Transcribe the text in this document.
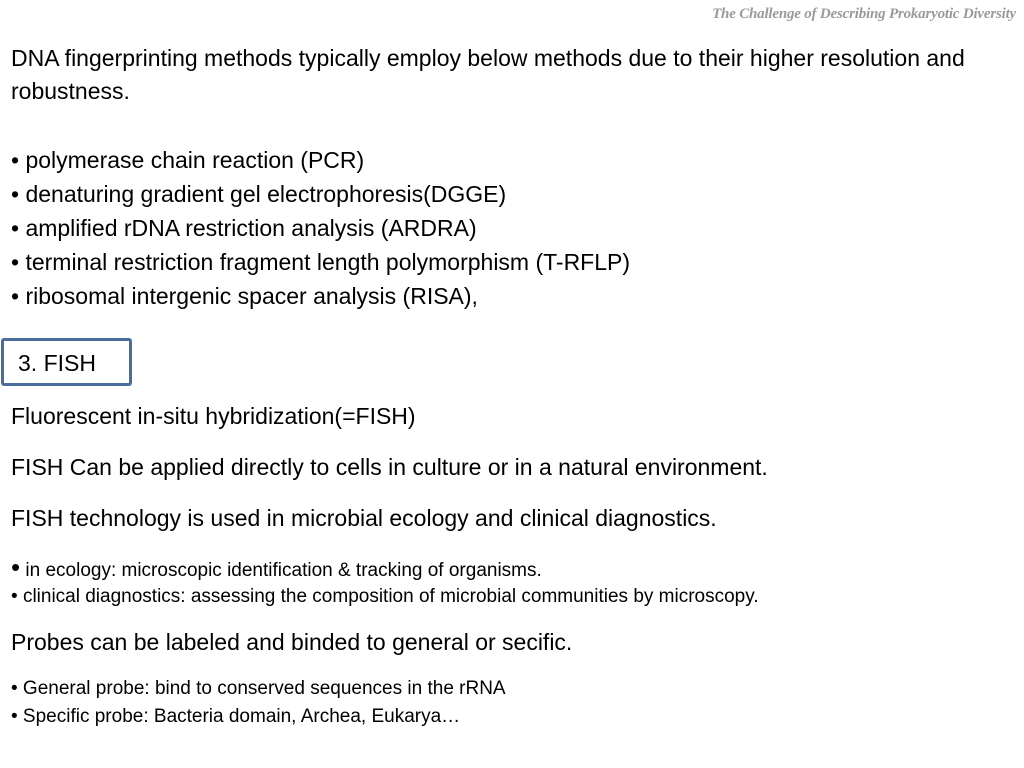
The Challenge of Describing Prokaryotic Diversity

DNA fingerprinting methods typically employ below methods due to their higher resolution and robustness.

• polymerase chain reaction (PCR)
• denaturing gradient gel electrophoresis(DGGE)
• amplified rDNA restriction analysis (ARDRA)
• terminal restriction fragment length polymorphism (T-RFLP)
• ribosomal intergenic spacer analysis (RISA),
3. FISH

Fluorescent in-situ hybridization(=FISH)

FISH Can be applied directly to cells in culture or in a natural environment.

FISH technology is used in microbial ecology and clinical diagnostics.

• in ecology: microscopic identification & tracking of organisms.

• clinical diagnostics: assessing the composition of microbial communities by microscopy.

Probes can be labeled and binded to general or secific.

• General probe: bind to conserved sequences in the rRNA

• Specific probe: Bacteria domain, Archea, Eukarya…
